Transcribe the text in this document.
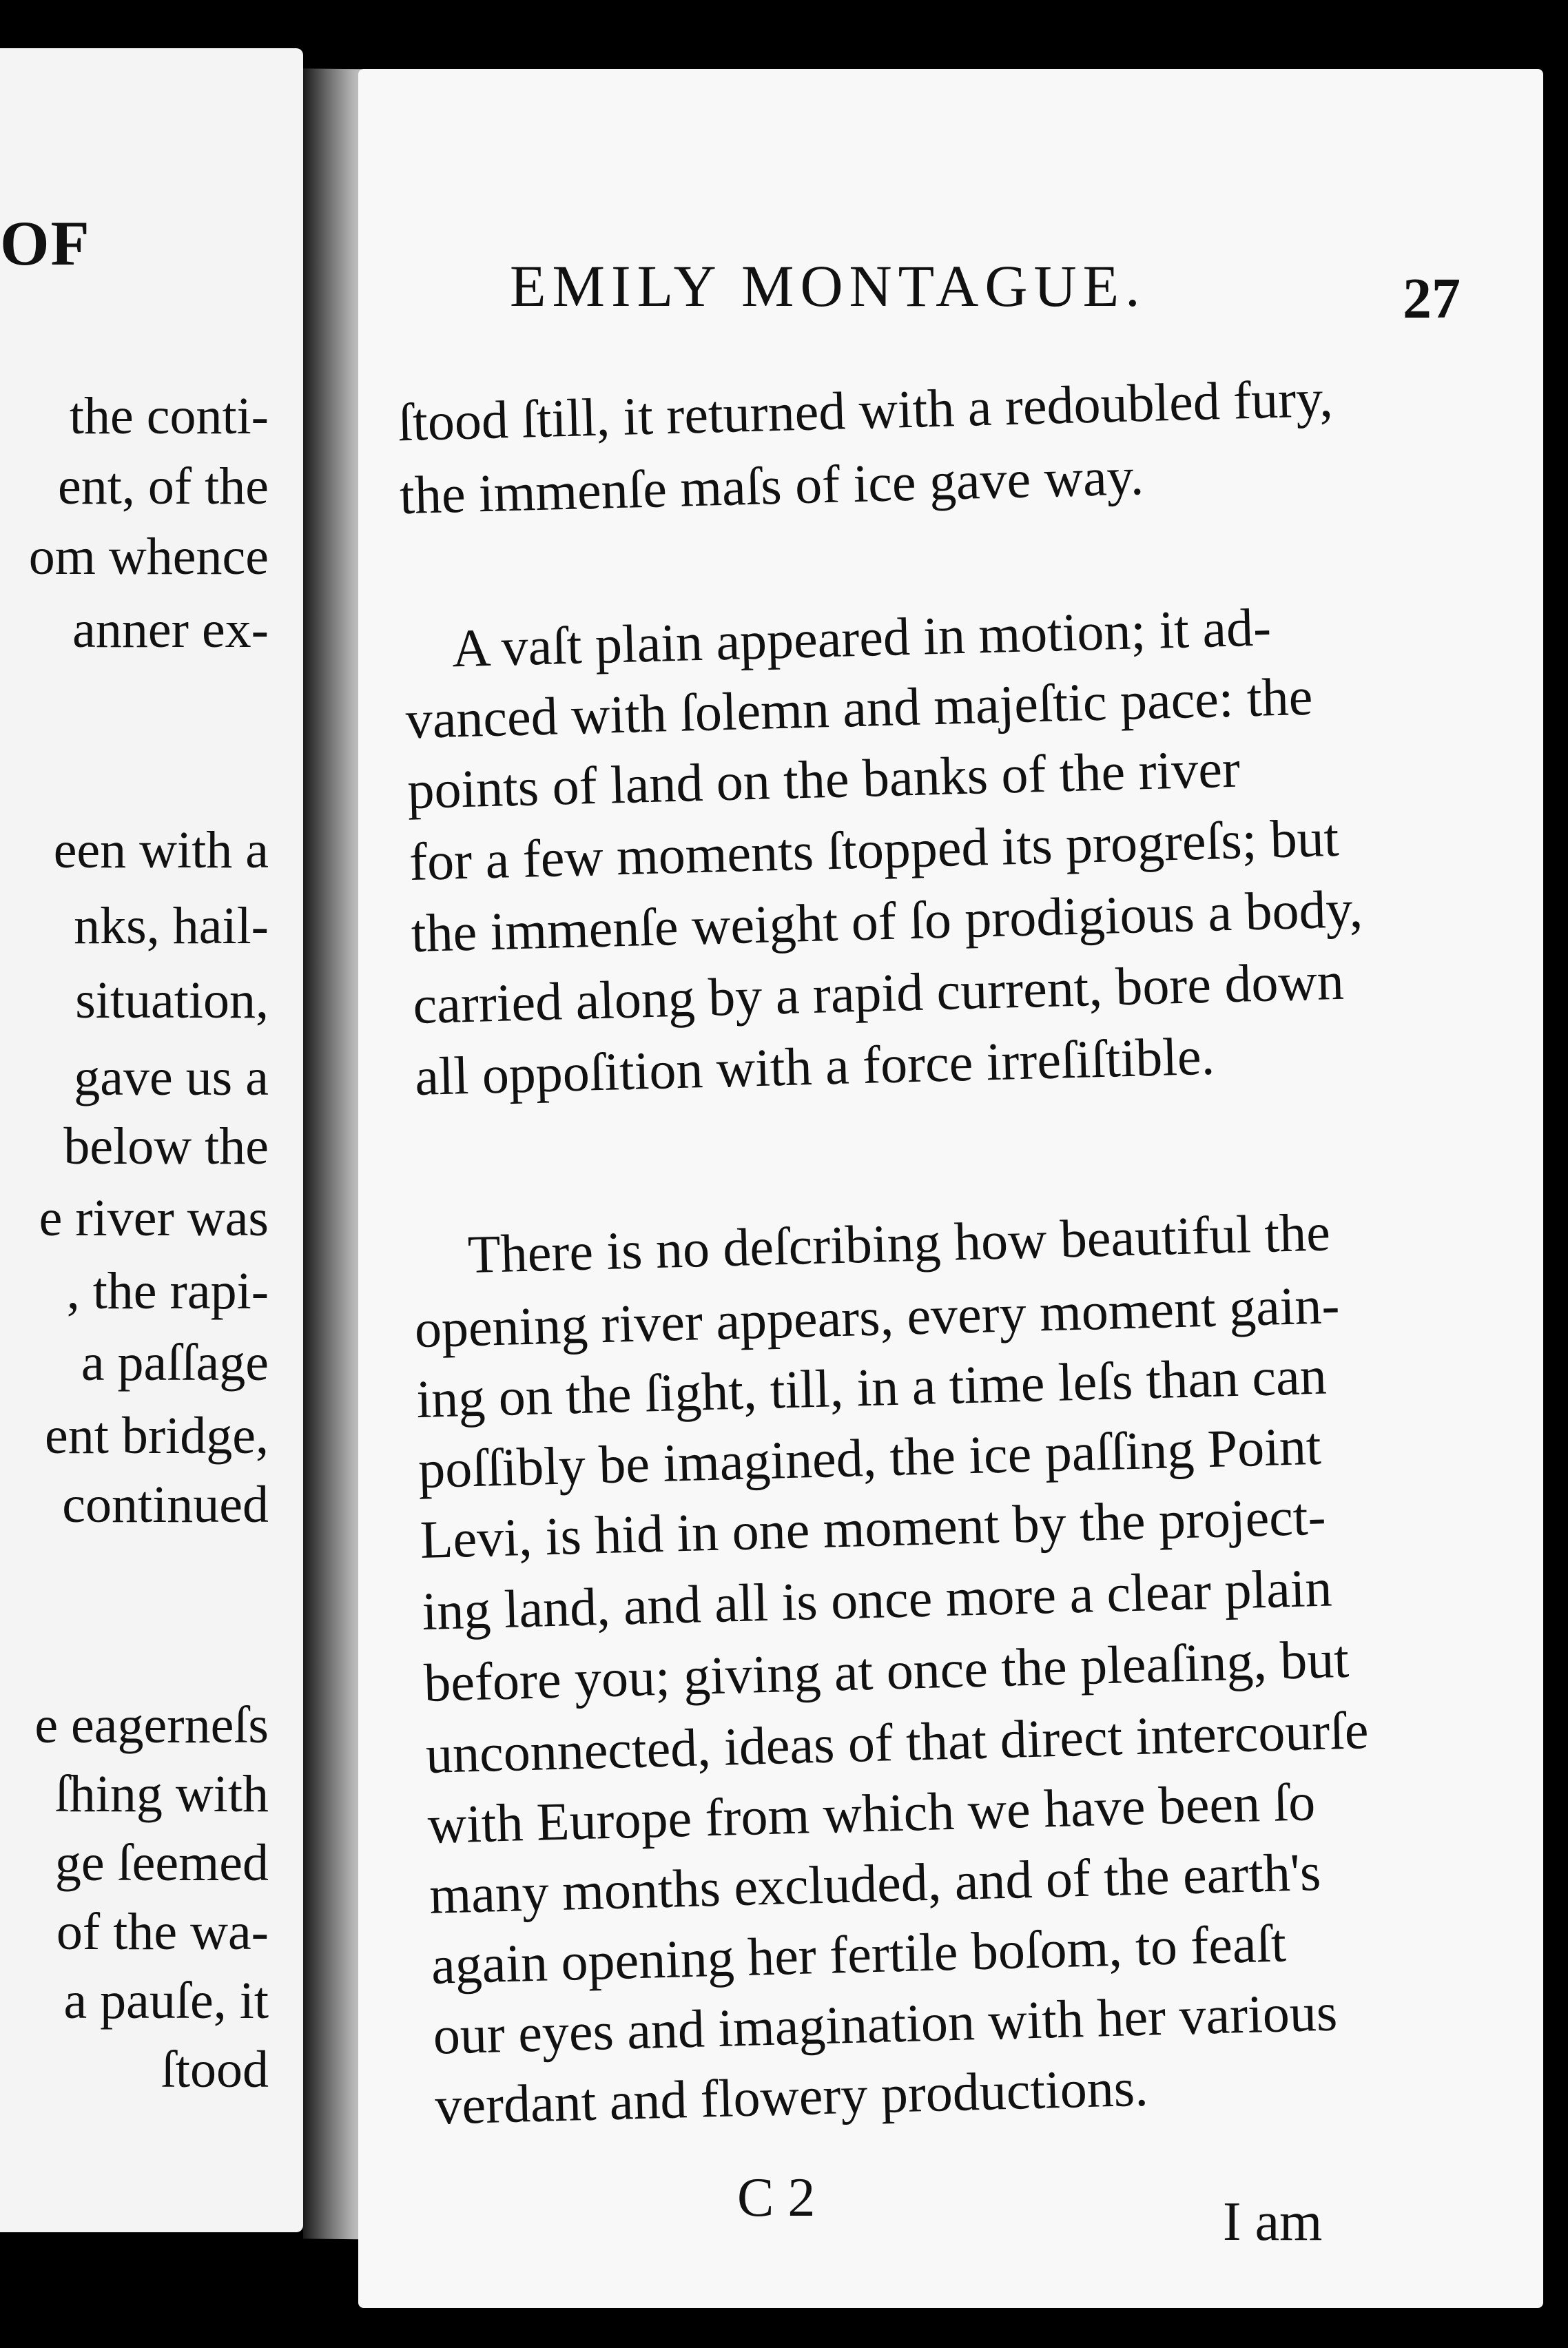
OF
the conti-
ent, of the
om whence
anner ex-
een with a
nks, hail-
situation,
gave us a
below the
e river was
, the rapi-
a paſſage
ent bridge,
continued
e eagerneſs
ſhing with
ge ſeemed
of the wa-
a pauſe, it
ſtood
EMILY MONTAGUE.	27
ſtood ſtill, it returned with a redoubled fury,
the immenſe maſs of ice gave way.
A vaſt plain appeared in motion; it ad-
vanced with ſolemn and majeſtic pace: the
points of land on the banks of the river
for a few moments ſtopped its progreſs; but
the immenſe weight of ſo prodigious a body,
carried along by a rapid current, bore down
all oppoſition with a force irreſiſtible.
There is no deſcribing how beautiful the
opening river appears, every moment gain-
ing on the ſight, till, in a time leſs than can
poſſibly be imagined, the ice paſſing Point
Levi, is hid in one moment by the project-
ing land, and all is once more a clear plain
before you; giving at once the pleaſing, but
unconnected, ideas of that direct intercourſe
with Europe from which we have been ſo
many months excluded, and of the earth's
again opening her fertile boſom, to feaſt
our eyes and imagination with her various
verdant and flowery productions.
C 2	I am
